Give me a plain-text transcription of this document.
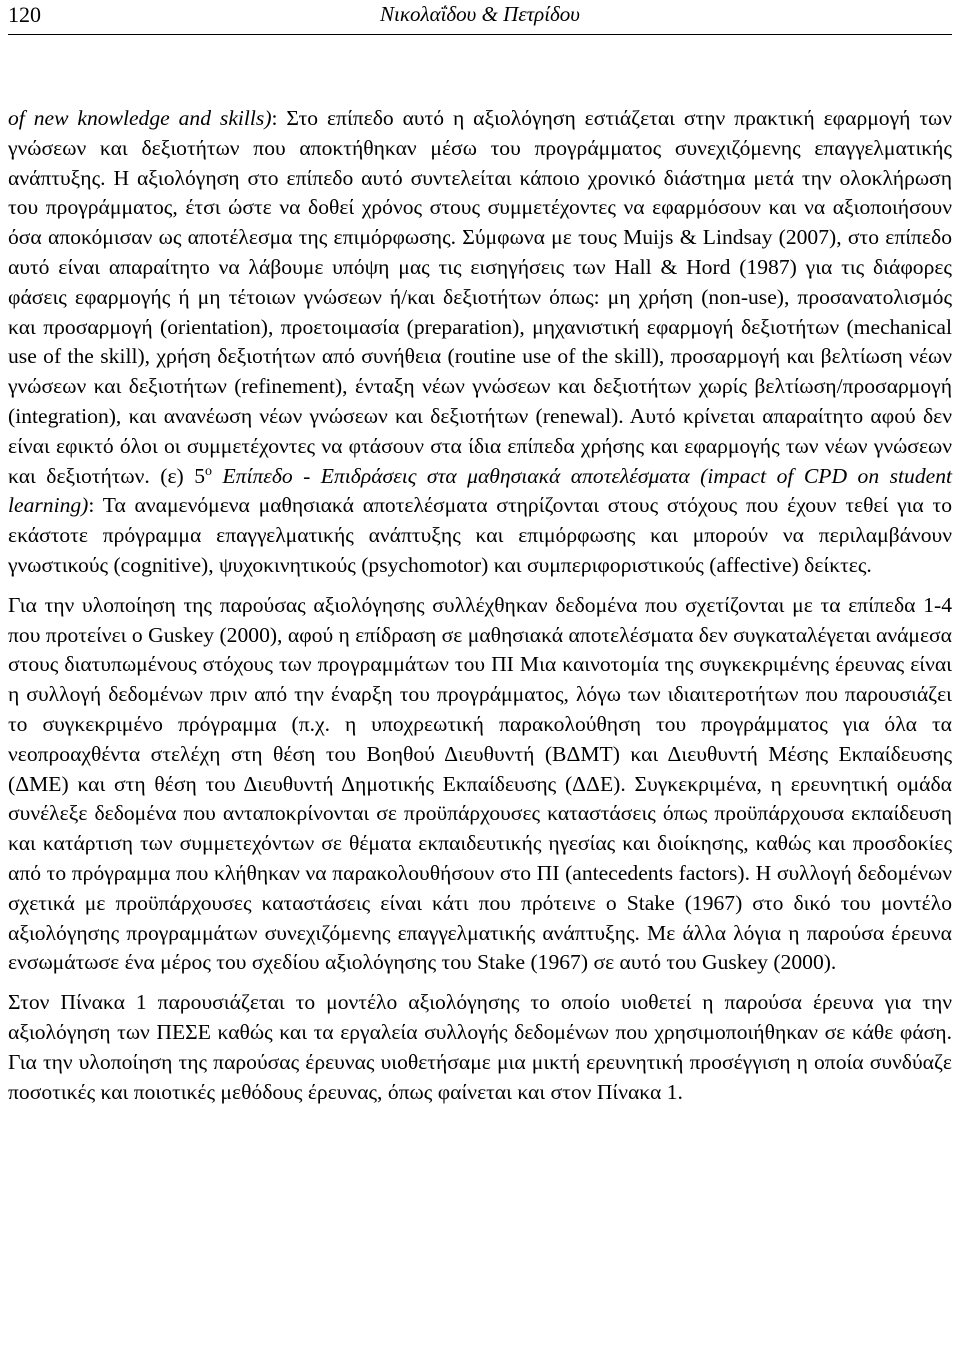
120	Νικολαΐδου & Πετρίδου

of new knowledge and skills): Στο επίπεδο αυτό η αξιολόγηση εστιάζεται στην πρακτική εφαρμογή των γνώσεων και δεξιοτήτων που αποκτήθηκαν μέσω του προγράμματος συνεχιζόμενης επαγγελματικής ανάπτυξης. Η αξιολόγηση στο επίπεδο αυτό συντελείται κάποιο χρονικό διάστημα μετά την ολοκλήρωση του προγράμματος, έτσι ώστε να δοθεί χρόνος στους συμμετέχοντες να εφαρμόσουν και να αξιοποιήσουν όσα αποκόμισαν ως αποτέλεσμα της επιμόρφωσης. Σύμφωνα με τους Muijs & Lindsay (2007), στο επίπεδο αυτό είναι απαραίτητο να λάβουμε υπόψη μας τις εισηγήσεις των Hall & Hord (1987) για τις διάφορες φάσεις εφαρμογής ή μη τέτοιων γνώσεων ή/και δεξιοτήτων όπως: μη χρήση (non-use), προσανατολισμός και προσαρμογή (orientation), προετοιμασία (preparation), μηχανιστική εφαρμογή δεξιοτήτων (mechanical use of the skill), χρήση δεξιοτήτων από συνήθεια (routine use of the skill), προσαρμογή και βελτίωση νέων γνώσεων και δεξιοτήτων (refinement), ένταξη νέων γνώσεων και δεξιοτήτων χωρίς βελτίωση/προσαρμογή (integration), και ανανέωση νέων γνώσεων και δεξιοτήτων (renewal). Αυτό κρίνεται απαραίτητο αφού δεν είναι εφικτό όλοι οι συμμετέχοντες να φτάσουν στα ίδια επίπεδα χρήσης και εφαρμογής των νέων γνώσεων και δεξιοτήτων. (ε) $5^o$ Επίπεδο - Επιδράσεις στα μαθησιακά αποτελέσματα (impact of CPD on student learning): Τα αναμενόμενα μαθησιακά αποτελέσματα στηρίζονται στους στόχους που έχουν τεθεί για το εκάστοτε πρόγραμμα επαγγελματικής ανάπτυξης και επιμόρφωσης και μπορούν να περιλαμβάνουν γνωστικούς (cognitive), ψυχοκινητικούς (psychomotor) και συμπεριφοριστικούς (affective) δείκτες.

Για την υλοποίηση της παρούσας αξιολόγησης συλλέχθηκαν δεδομένα που σχετίζονται με τα επίπεδα 1-4 που προτείνει ο Guskey (2000), αφού η επίδραση σε μαθησιακά αποτελέσματα δεν συγκαταλέγεται ανάμεσα στους διατυπωμένους στόχους των προγραμμάτων του ΠΙ Μια καινοτομία της συγκεκριμένης έρευνας είναι η συλλογή δεδομένων πριν από την έναρξη του προγράμματος, λόγω των ιδιαιτεροτήτων που παρουσιάζει το συγκεκριμένο πρόγραμμα (π.χ. η υποχρεωτική παρακολούθηση του προγράμματος για όλα τα νεοπροαχθέντα στελέχη στη θέση του Βοηθού Διευθυντή (ΒΔΜΤ) και Διευθυντή Μέσης Εκπαίδευσης (ΔΜΕ) και στη θέση του Διευθυντή Δημοτικής Εκπαίδευσης (ΔΔΕ). Συγκεκριμένα, η ερευνητική ομάδα συνέλεξε δεδομένα που ανταποκρίνονται σε προϋπάρχουσες καταστάσεις όπως προϋπάρχουσα εκπαίδευση και κατάρτιση των συμμετεχόντων σε θέματα εκπαιδευτικής ηγεσίας και διοίκησης, καθώς και προσδοκίες από το πρόγραμμα που κλήθηκαν να παρακολουθήσουν στο ΠΙ (antecedents factors). Η συλλογή δεδομένων σχετικά με προϋπάρχουσες καταστάσεις είναι κάτι που πρότεινε ο Stake (1967) στο δικό του μοντέλο αξιολόγησης προγραμμάτων συνεχιζόμενης επαγγελματικής ανάπτυξης. Με άλλα λόγια η παρούσα έρευνα ενσωμάτωσε ένα μέρος του σχεδίου αξιολόγησης του Stake (1967) σε αυτό του Guskey (2000).

Στον Πίνακα 1 παρουσιάζεται το μοντέλο αξιολόγησης το οποίο υιοθετεί η παρούσα έρευνα για την αξιολόγηση των ΠΕΣΕ καθώς και τα εργαλεία συλλογής δεδομένων που χρησιμοποιήθηκαν σε κάθε φάση. Για την υλοποίηση της παρούσας έρευνας υιοθετήσαμε μια μικτή ερευνητική προσέγγιση η οποία συνδύαζε ποσοτικές και ποιοτικές μεθόδους έρευνας, όπως φαίνεται και στον Πίνακα 1.
